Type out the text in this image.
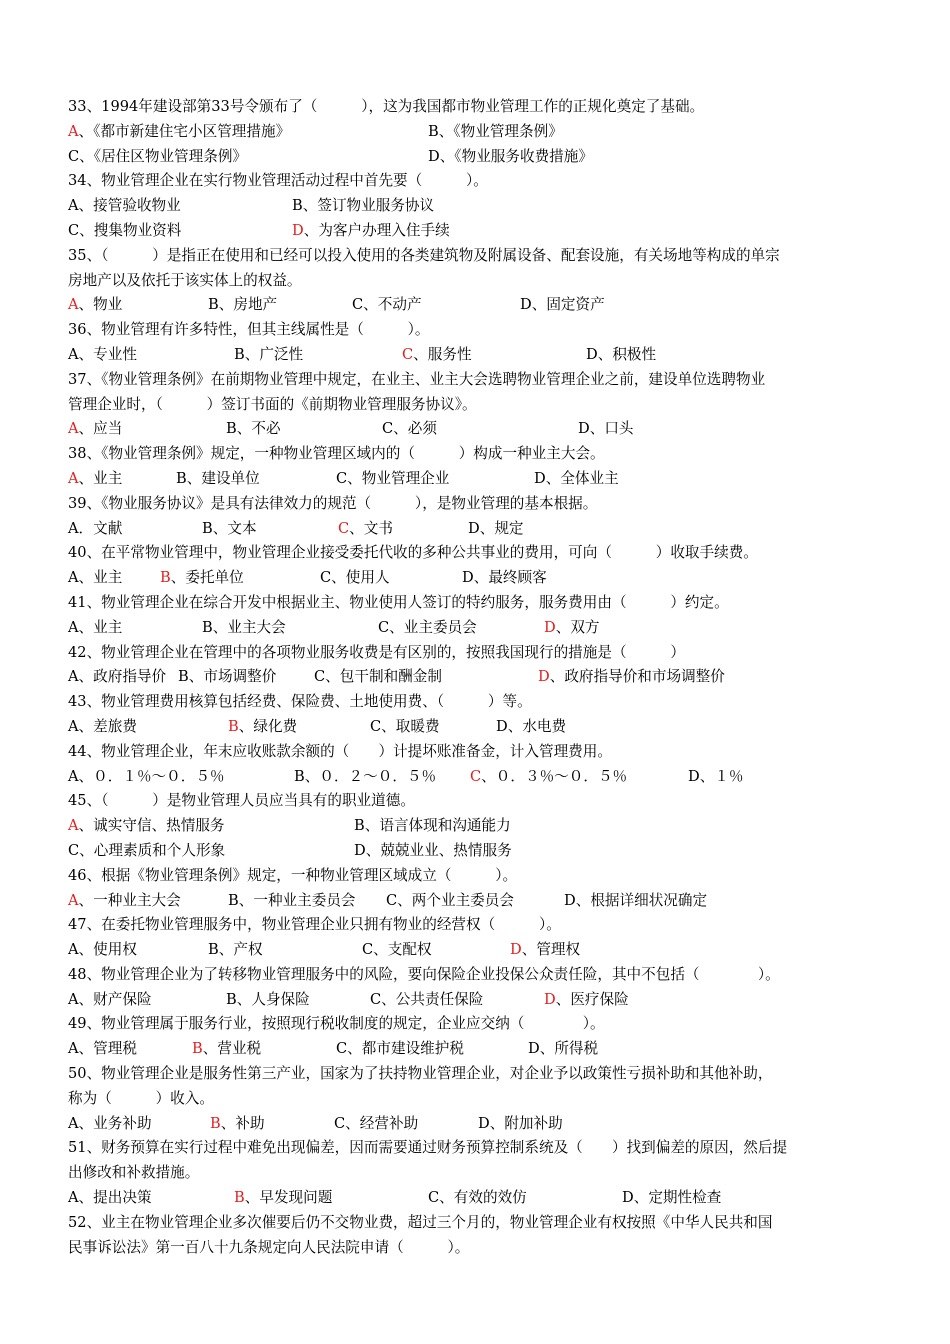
33、1994年建设部第33号令颁布了（　　　），这为我国都市物业管理工作的正规化奠定了基础。
A、《都市新建住宅小区管理措施》	B、《物业管理条例》
C、《居住区物业管理条例》	D、《物业服务收费措施》
34、物业管理企业在实行物业管理活动过程中首先要（　　　）。
A、接管验收物业	B、签订物业服务协议
C、搜集物业资料	D、为客户办理入住手续
35、（　　　）是指正在使用和已经可以投入使用的各类建筑物及附属设备、配套设施，有关场地等构成的单宗
房地产以及依托于该实体上的权益。
A、物业	B、房地产	C、不动产	D、固定资产
36、物业管理有许多特性，但其主线属性是（　　　）。
A、专业性	B、广泛性	C、服务性	D、积极性
37、《物业管理条例》在前期物业管理中规定，在业主、业主大会选聘物业管理企业之前，建设单位选聘物业
管理企业时，（　　　）签订书面的《前期物业管理服务协议》。
A、应当	B、不必	C、必须	D、口头
38、《物业管理条例》规定，一种物业管理区域内的（　　　）构成一种业主大会。
A、业主	B、建设单位	C、物业管理企业	D、全体业主
39、《物业服务协议》是具有法律效力的规范（　　　），是物业管理的基本根据。
A．文献	B、文本	C、文书	D、规定
40、在平常物业管理中，物业管理企业接受委托代收的多种公共事业的费用，可向（　　　）收取手续费。
A、业主	B、委托单位	C、使用人	D、最终顾客
41、物业管理企业在综合开发中根据业主、物业使用人签订的特约服务，服务费用由（　　　）约定。
A、业主	B、业主大会	C、业主委员会	D、双方
42、物业管理企业在管理中的各项物业服务收费是有区别的，按照我国现行的措施是（　　　）
A、政府指导价 B、市场调整价	C、包干制和酬金制	D、政府指导价和市场调整价
43、物业管理费用核算包括经费、保险费、土地使用费、（　　　）等。
A、差旅费	B、绿化费	C、取暖费	D、水电费
44、物业管理企业，年末应收账款余额的（　　）计提坏账准备金，计入管理费用。
A、０．１％～０．５％	B、０．２～０．５％ C、０．３％～０．５％	D、１％
45、（　　　）是物业管理人员应当具有的职业道德。
A、诚实守信、热情服务	B、语言体现和沟通能力
C、心理素质和个人形象	D、兢兢业业、热情服务
46、根据《物业管理条例》规定，一种物业管理区域成立（　　　）。
A、一种业主大会	B、一种业主委员会 C、两个业主委员会	D、根据详细状况确定
47、在委托物业管理服务中，物业管理企业只拥有物业的经营权（　　　）。
A、使用权	B、产权	C、支配权	D、管理权
48、物业管理企业为了转移物业管理服务中的风险，要向保险企业投保公众责任险，其中不包括（　　　　）。
A、财产保险	B、人身保险	C、公共责任保险	D、医疗保险
49、物业管理属于服务行业，按照现行税收制度的规定，企业应交纳（　　　　）。
A、管理税	B、营业税	C、都市建设维护税	D、所得税
50、物业管理企业是服务性第三产业，国家为了扶持物业管理企业，对企业予以政策性亏损补助和其他补助，
称为（　　　）收入。
A、业务补助	B、补助	C、经营补助	D、附加补助
51、财务预算在实行过程中难免出现偏差，因而需要通过财务预算控制系统及（　　）找到偏差的原因，然后提
出修改和补救措施。
A、提出决策	B、早发现问题	C、有效的效仿	D、定期性检查
52、业主在物业管理企业多次催要后仍不交物业费，超过三个月的，物业管理企业有权按照《中华人民共和国
民事诉讼法》第一百八十九条规定向人民法院申请（　　　）。
